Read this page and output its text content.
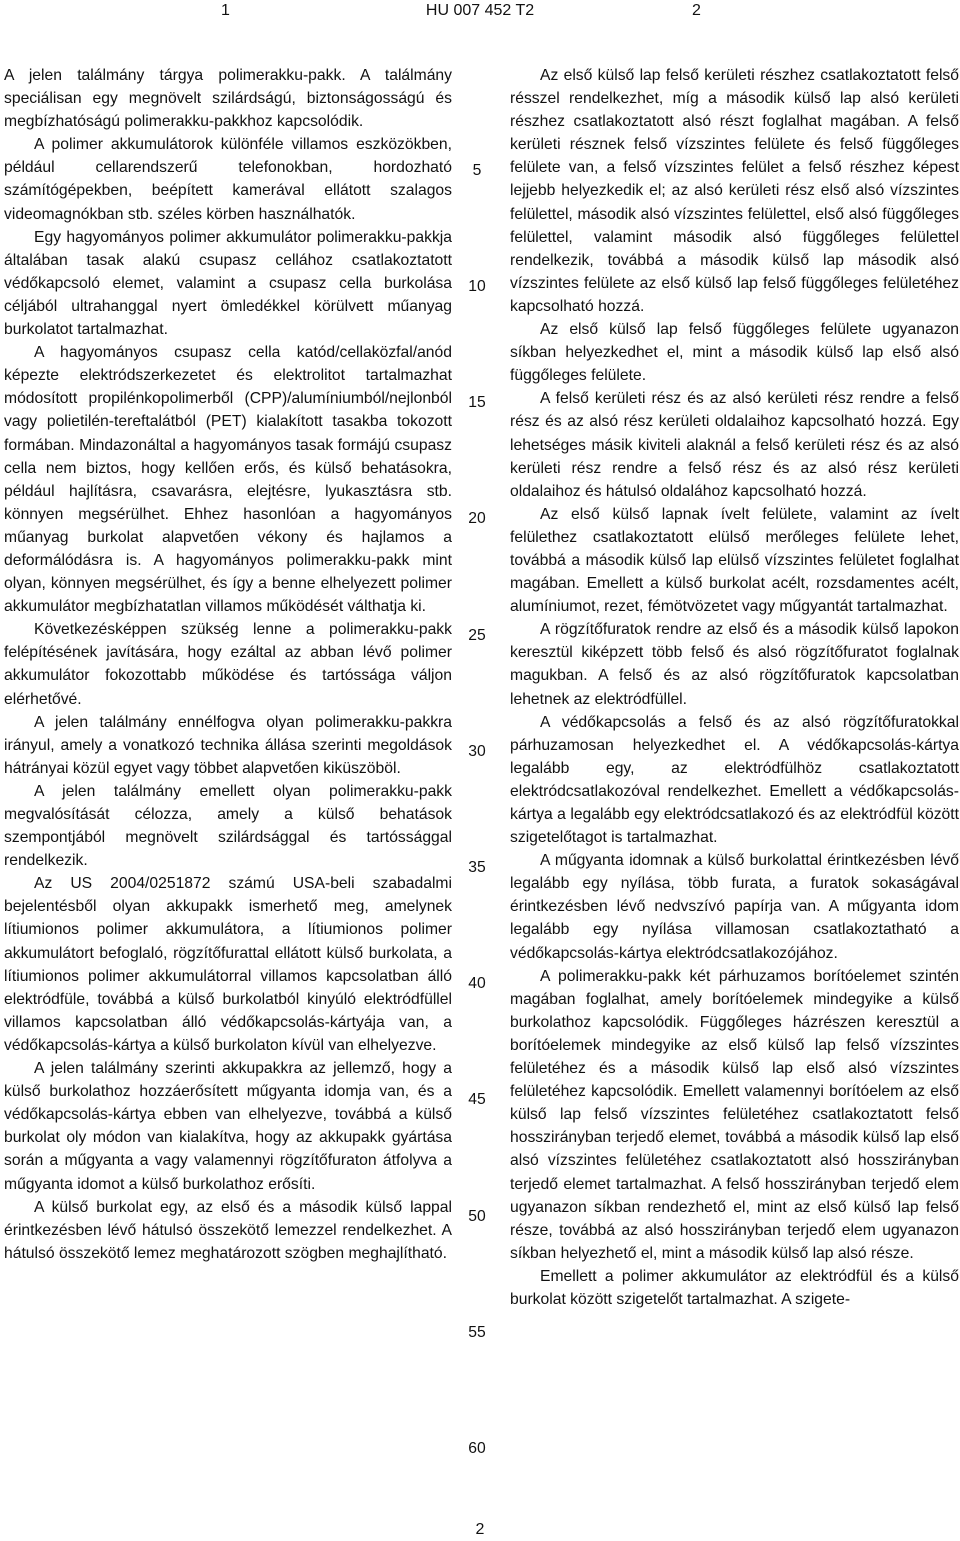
1	HU 007 452 T2	2

A jelen találmány tárgya polimerakku-pakk. A találmány speciálisan egy megnövelt szilárdságú, biztonságosságú és megbízhatóságú polimerakku-pakkhoz kapcsolódik.

A polimer akkumulátorok különféle villamos eszközökben, például cellarendszerű telefonokban, hordozható számítógépekben, beépített kamerával ellátott szalagos videomagnókban stb. széles körben használhatók.

Egy hagyományos polimer akkumulátor polimerakku-pakkja általában tasak alakú csupasz cellához csatlakoztatott védőkapcsoló elemet, valamint a csupasz cella burkolása céljából ultrahanggal nyert ömledékkel körülvett műanyag burkolatot tartalmazhat.

A hagyományos csupasz cella katód/cellaközfal/anód képezte elektródszerkezetet és elektrolitot tartalmazhat módosított propilénkopolimerből (CPP)/alumíniumból/nejlonból vagy polietilén-tereftalátból (PET) kialakított tasakba tokozott formában. Mindazonáltal a hagyományos tasak formájú csupasz cella nem biztos, hogy kellően erős, és külső behatásokra, például hajlításra, csavarásra, elejtésre, lyukasztásra stb. könnyen megsérülhet. Ehhez hasonlóan a hagyományos műanyag burkolat alapvetően vékony és hajlamos a deformálódásra is. A hagyományos polimerakku-pakk mint olyan, könnyen megsérülhet, és így a benne elhelyezett polimer akkumulátor megbízhatatlan villamos működését válthatja ki.

Következésképpen szükség lenne a polimerakku-pakk felépítésének javítására, hogy ezáltal az abban lévő polimer akkumulátor fokozottabb működése és tartóssága váljon elérhetővé.

A jelen találmány ennélfogva olyan polimerakku-pakkra irányul, amely a vonatkozó technika állása szerinti megoldások hátrányai közül egyet vagy többet alapvetően kiküszöböl.

A jelen találmány emellett olyan polimerakku-pakk megvalósítását célozza, amely a külső behatások szempontjából megnövelt szilárdsággal és tartóssággal rendelkezik.

Az US 2004/0251872 számú USA-beli szabadalmi bejelentésből olyan akkupakk ismerhető meg, amelynek lítiumionos polimer akkumulátora, a lítiumionos polimer akkumulátort befoglaló, rögzítőfurattal ellátott külső burkolata, a lítiumionos polimer akkumulátorral villamos kapcsolatban álló elektródfüle, továbbá a külső burkolatból kinyúló elektródfüllel villamos kapcsolatban álló védőkapcsolás-kártyája van, a védőkapcsolás-kártya a külső burkolaton kívül van elhelyezve.

A jelen találmány szerinti akkupakkra az jellemző, hogy a külső burkolathoz hozzáerősített műgyanta idomja van, és a védőkapcsolás-kártya ebben van elhelyezve, továbbá a külső burkolat oly módon van kialakítva, hogy az akkupakk gyártása során a műgyanta a vagy valamennyi rögzítőfuraton átfolyva a műgyanta idomot a külső burkolathoz erősíti.

A külső burkolat egy, az első és a második külső lappal érintkezésben lévő hátulsó összekötő lemezzel rendelkezhet. A hátulsó összekötő lemez meghatározott szögben meghajlítható.

5
10
15
20
25
30
35
40
45
50
55
60

Az első külső lap felső kerületi részhez csatlakoztatott felső résszel rendelkezhet, míg a második külső lap alsó kerületi részhez csatlakoztatott alsó részt foglalhat magában. A felső kerületi résznek felső vízszintes felülete és felső függőleges felülete van, a felső vízszintes felület a felső részhez képest lejjebb helyezkedik el; az alsó kerületi rész első alsó vízszintes felülettel, második alsó vízszintes felülettel, első alsó függőleges felülettel, valamint második alsó függőleges felülettel rendelkezik, továbbá a második külső lap második alsó vízszintes felülete az első külső lap felső függőleges felületéhez kapcsolható hozzá.

Az első külső lap felső függőleges felülete ugyanazon síkban helyezkedhet el, mint a második külső lap első alsó függőleges felülete.

A felső kerületi rész és az alsó kerületi rész rendre a felső rész és az alsó rész kerületi oldalaihoz kapcsolható hozzá. Egy lehetséges másik kiviteli alaknál a felső kerületi rész és az alsó kerületi rész rendre a felső rész és az alsó rész kerületi oldalaihoz és hátulsó oldalához kapcsolható hozzá.

Az első külső lapnak ívelt felülete, valamint az ívelt felülethez csatlakoztatott elülső merőleges felülete lehet, továbbá a második külső lap elülső vízszintes felületet foglalhat magában. Emellett a külső burkolat acélt, rozsdamentes acélt, alumíniumot, rezet, fémötvözetet vagy műgyantát tartalmazhat.

A rögzítőfuratok rendre az első és a második külső lapokon keresztül kiképzett több felső és alsó rögzítőfuratot foglalnak magukban. A felső és az alsó rögzítőfuratok kapcsolatban lehetnek az elektródfüllel.

A védőkapcsolás a felső és az alsó rögzítőfuratokkal párhuzamosan helyezkedhet el. A védőkapcsolás-kártya legalább egy, az elektródfülhöz csatlakoztatott elektródcsatlakozóval rendelkezhet. Emellett a védőkapcsolás-kártya a legalább egy elektródcsatlakozó és az elektródfül között szigetelőtagot is tartalmazhat.

A műgyanta idomnak a külső burkolattal érintkezésben lévő legalább egy nyílása, több furata, a furatok sokaságával érintkezésben lévő nedvszívó papírja van. A műgyanta idom legalább egy nyílása villamosan csatlakoztatható a védőkapcsolás-kártya elektródcsatlakozójához.

A polimerakku-pakk két párhuzamos borítóelemet szintén magában foglalhat, amely borítóelemek mindegyike a külső burkolathoz kapcsolódik. Függőleges házrészen keresztül a borítóelemek mindegyike az első külső lap felső vízszintes felületéhez és a második külső lap első alsó vízszintes felületéhez kapcsolódik. Emellett valamennyi borítóelem az első külső lap felső vízszintes felületéhez csatlakoztatott felső hosszirányban terjedő elemet, továbbá a második külső lap első alsó vízszintes felületéhez csatlakoztatott alsó hosszirányban terjedő elemet tartalmazhat. A felső hosszirányban terjedő elem ugyanazon síkban rendezhető el, mint az első külső lap felső része, továbbá az alsó hosszirányban terjedő elem ugyanazon síkban helyezhető el, mint a második külső lap alsó része.

Emellett a polimer akkumulátor az elektródfül és a külső burkolat között szigetelőt tartalmazhat. A szigete-

2
